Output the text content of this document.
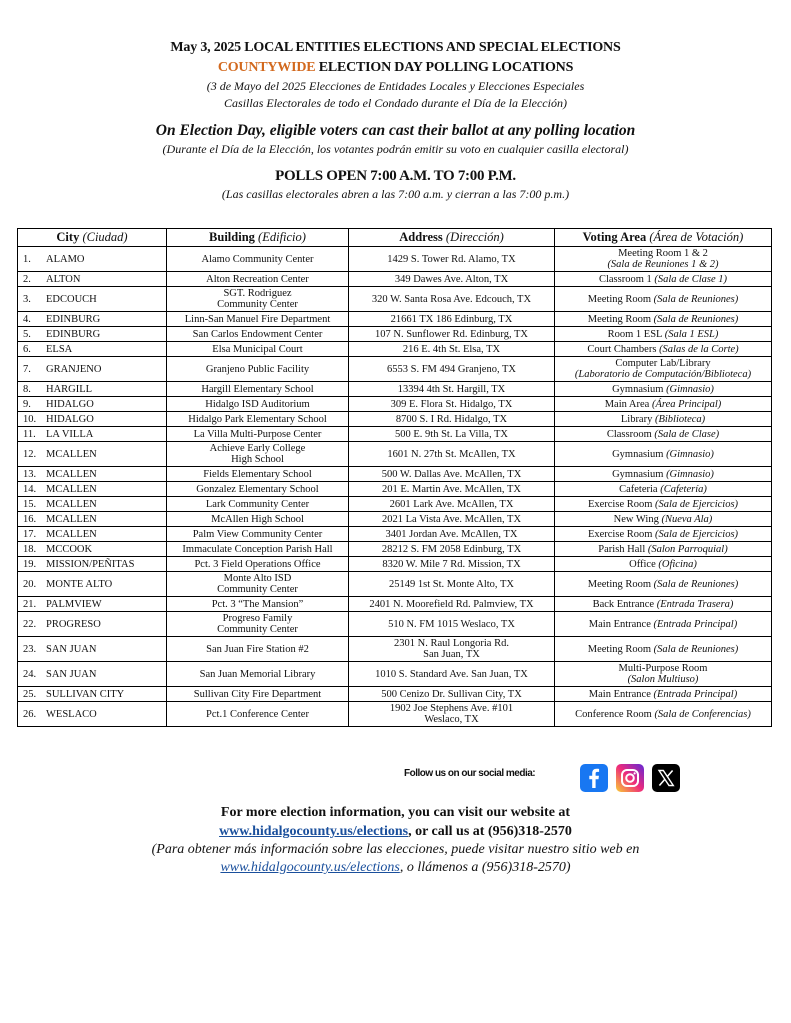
May 3, 2025 LOCAL ENTITIES ELECTIONS AND SPECIAL ELECTIONS
COUNTYWIDE ELECTION DAY POLLING LOCATIONS
(3 de Mayo del 2025 Elecciones de Entidades Locales y Elecciones Especiales
Casillas Electorales de todo el Condado durante el Día de la Elección)
On Election Day, eligible voters can cast their ballot at any polling location
(Durante el Día de la Elección, los votantes podrán emitir su voto en cualquier casilla electoral)
POLLS OPEN 7:00 A.M. TO 7:00 P.M.
(Las casillas electorales abren a las 7:00 a.m. y cierran a las 7:00 p.m.)
City (Ciudad)	Building (Edificio)	Address (Dirección)	Voting Area (Área de Votación)
1. ALAMO	Alamo Community Center	1429 S. Tower Rd. Alamo, TX	Meeting Room 1 & 2
(Sala de Reuniones 1 & 2)
2. ALTON	Alton Recreation Center	349 Dawes Ave. Alton, TX	Classroom 1 (Sala de Clase 1)
3. EDCOUCH	SGT. Rodriguez
Community Center	320 W. Santa Rosa Ave. Edcouch, TX	Meeting Room (Sala de Reuniones)
4. EDINBURG	Linn-San Manuel Fire Department	21661 TX 186 Edinburg, TX	Meeting Room (Sala de Reuniones)
5. EDINBURG	San Carlos Endowment Center	107 N. Sunflower Rd. Edinburg, TX	Room 1 ESL (Sala 1 ESL)
6. ELSA	Elsa Municipal Court	216 E. 4th St. Elsa, TX	Court Chambers (Salas de la Corte)
7. GRANJENO	Granjeno Public Facility	6553 S. FM 494 Granjeno, TX	Computer Lab/Library
(Laboratorio de Computación/Biblioteca)
8. HARGILL	Hargill Elementary School	13394 4th St. Hargill, TX	Gymnasium (Gimnasio)
9. HIDALGO	Hidalgo ISD Auditorium	309 E. Flora St. Hidalgo, TX	Main Area (Área Principal)
10. HIDALGO	Hidalgo Park Elementary School	8700 S. I Rd. Hidalgo, TX	Library (Biblioteca)
11. LA VILLA	La Villa Multi-Purpose Center	500 E. 9th St. La Villa, TX	Classroom (Sala de Clase)
12. MCALLEN	Achieve Early College
High School	1601 N. 27th St. McAllen, TX	Gymnasium (Gimnasio)
13. MCALLEN	Fields Elementary School	500 W. Dallas Ave. McAllen, TX	Gymnasium (Gimnasio)
14. MCALLEN	Gonzalez Elementary School	201 E. Martin Ave. McAllen, TX	Cafeteria (Cafetería)
15. MCALLEN	Lark Community Center	2601 Lark Ave. McAllen, TX	Exercise Room (Sala de Ejercicios)
16. MCALLEN	McAllen High School	2021 La Vista Ave. McAllen, TX	New Wing (Nueva Ala)
17. MCALLEN	Palm View Community Center	3401 Jordan Ave. McAllen, TX	Exercise Room (Sala de Ejercicios)
18. MCCOOK	Immaculate Conception Parish Hall	28212 S. FM 2058 Edinburg, TX	Parish Hall (Salon Parroquial)
19. MISSION/PEÑITAS	Pct. 3 Field Operations Office	8320 W. Mile 7 Rd. Mission, TX	Office (Oficina)
20. MONTE ALTO	Monte Alto ISD
Community Center	25149 1st St. Monte Alto, TX	Meeting Room (Sala de Reuniones)
21. PALMVIEW	Pct. 3 “The Mansion”	2401 N. Moorefield Rd. Palmview, TX	Back Entrance (Entrada Trasera)
22. PROGRESO	Progreso Family
Community Center	510 N. FM 1015 Weslaco, TX	Main Entrance (Entrada Principal)
23. SAN JUAN	San Juan Fire Station #2	2301 N. Raul Longoria Rd.
San Juan, TX	Meeting Room (Sala de Reuniones)
24. SAN JUAN	San Juan Memorial Library	1010 S. Standard Ave. San Juan, TX	Multi-Purpose Room
(Salon Multiuso)
25. SULLIVAN CITY	Sullivan City Fire Department	500 Cenizo Dr. Sullivan City, TX	Main Entrance (Entrada Principal)
26. WESLACO	Pct.1 Conference Center	1902 Joe Stephens Ave. #101
Weslaco, TX	Conference Room (Sala de Conferencias)
Follow us on our social media:
For more election information, you can visit our website at
www.hidalgocounty.us/elections, or call us at (956)318-2570
(Para obtener más información sobre las elecciones, puede visitar nuestro sitio web en
www.hidalgocounty.us/elections, o llámenos a (956)318-2570)
